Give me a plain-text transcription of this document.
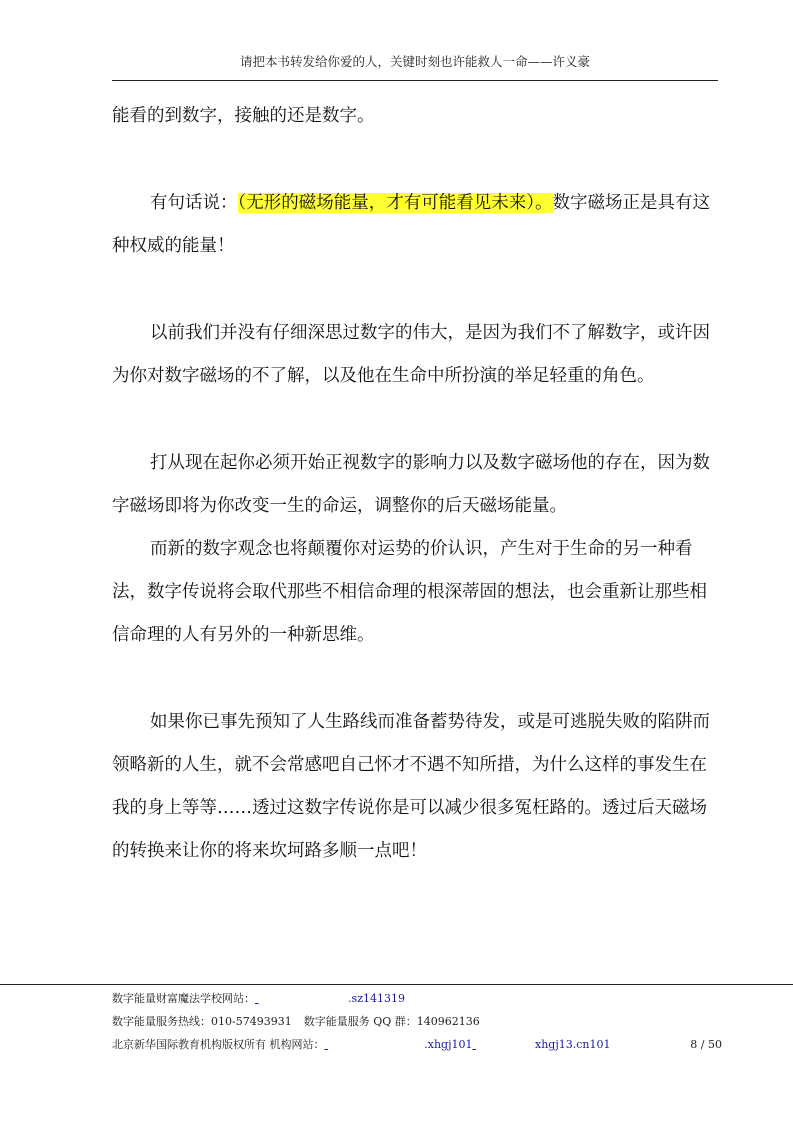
请把本书转发给你爱的人，关键时刻也许能救人一命——许义豪

能看的到数字，接触的还是数字。

有句话说：（无形的磁场能量，才有可能看见未来）。数字磁场正是具有这种权威的能量！

以前我们并没有仔细深思过数字的伟大，是因为我们不了解数字，或许因为你对数字磁场的不了解，以及他在生命中所扮演的举足轻重的角色。

打从现在起你必须开始正视数字的影响力以及数字磁场他的存在，因为数字磁场即将为你改变一生的命运，调整你的后天磁场能量。

而新的数字观念也将颠覆你对运势的价认识，产生对于生命的另一种看法，数字传说将会取代那些不相信命理的根深蒂固的想法，也会重新让那些相信命理的人有另外的一种新思维。

如果你已事先预知了人生路线而准备蓄势待发，或是可逃脱失败的陷阱而领略新的人生，就不会常感吧自己怀才不遇不知所措，为什么这样的事发生在我的身上等等……透过这数字传说你是可以减少很多冤枉路的。透过后天磁场的转换来让你的将来坎坷路多顺一点吧！

数字能量财富魔法学校网站：	.sz141319

数字能量服务热线：010-57493931 数字能量服务 QQ 群：140962136
北京新华国际教育机构版权所有 机构网站：	.xhgj101
	xhgj13.cn101
	8 / 50
